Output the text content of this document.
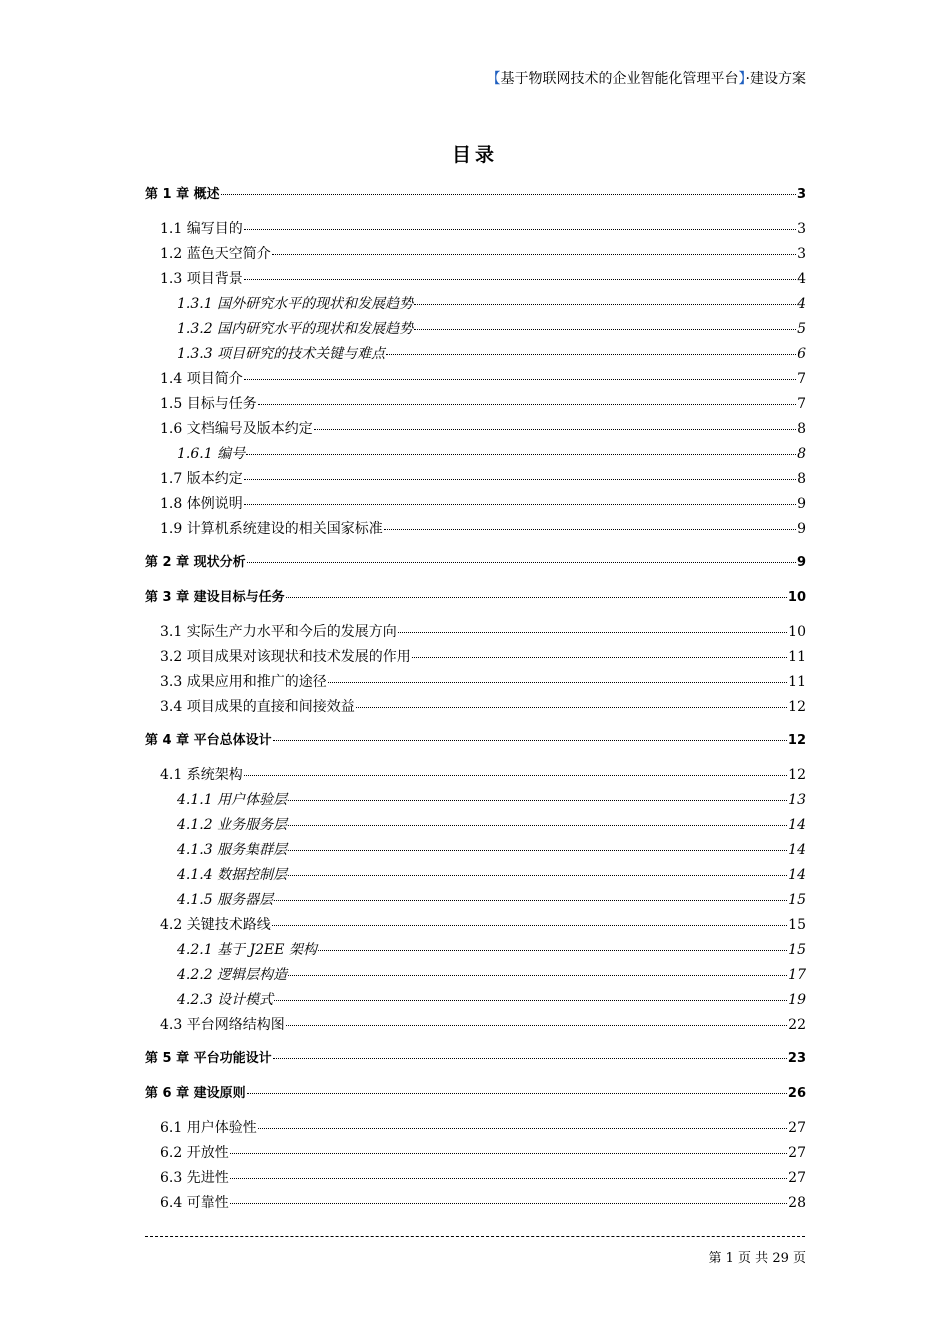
【基于物联网技术的企业智能化管理平台】·建设方案
目录
第 1 章 概述	3
1.1 编写目的	3
1.2 蓝色天空简介	3
1.3 项目背景	4
1.3.1 国外研究水平的现状和发展趋势	4
1.3.2 国内研究水平的现状和发展趋势	5
1.3.3 项目研究的技术关键与难点	6
1.4 项目简介	7
1.5 目标与任务	7
1.6 文档编号及版本约定	8
1.6.1 编号	8
1.7 版本约定	8
1.8 体例说明	9
1.9 计算机系统建设的相关国家标准	9
第 2 章 现状分析	9
第 3 章 建设目标与任务	10
3.1 实际生产力水平和今后的发展方向	10
3.2 项目成果对该现状和技术发展的作用	11
3.3 成果应用和推广的途径	11
3.4 项目成果的直接和间接效益	12
第 4 章 平台总体设计	12
4.1 系统架构	12
4.1.1 用户体验层	13
4.1.2 业务服务层	14
4.1.3 服务集群层	14
4.1.4 数据控制层	14
4.1.5 服务器层	15
4.2 关键技术路线	15
4.2.1 基于 J2EE 架构	15
4.2.2 逻辑层构造	17
4.2.3 设计模式	19
4.3 平台网络结构图	22
第 5 章 平台功能设计	23
第 6 章 建设原则	26
6.1 用户体验性	27
6.2 开放性	27
6.3 先进性	27
6.4 可靠性	28
第 1 页 共 29 页
